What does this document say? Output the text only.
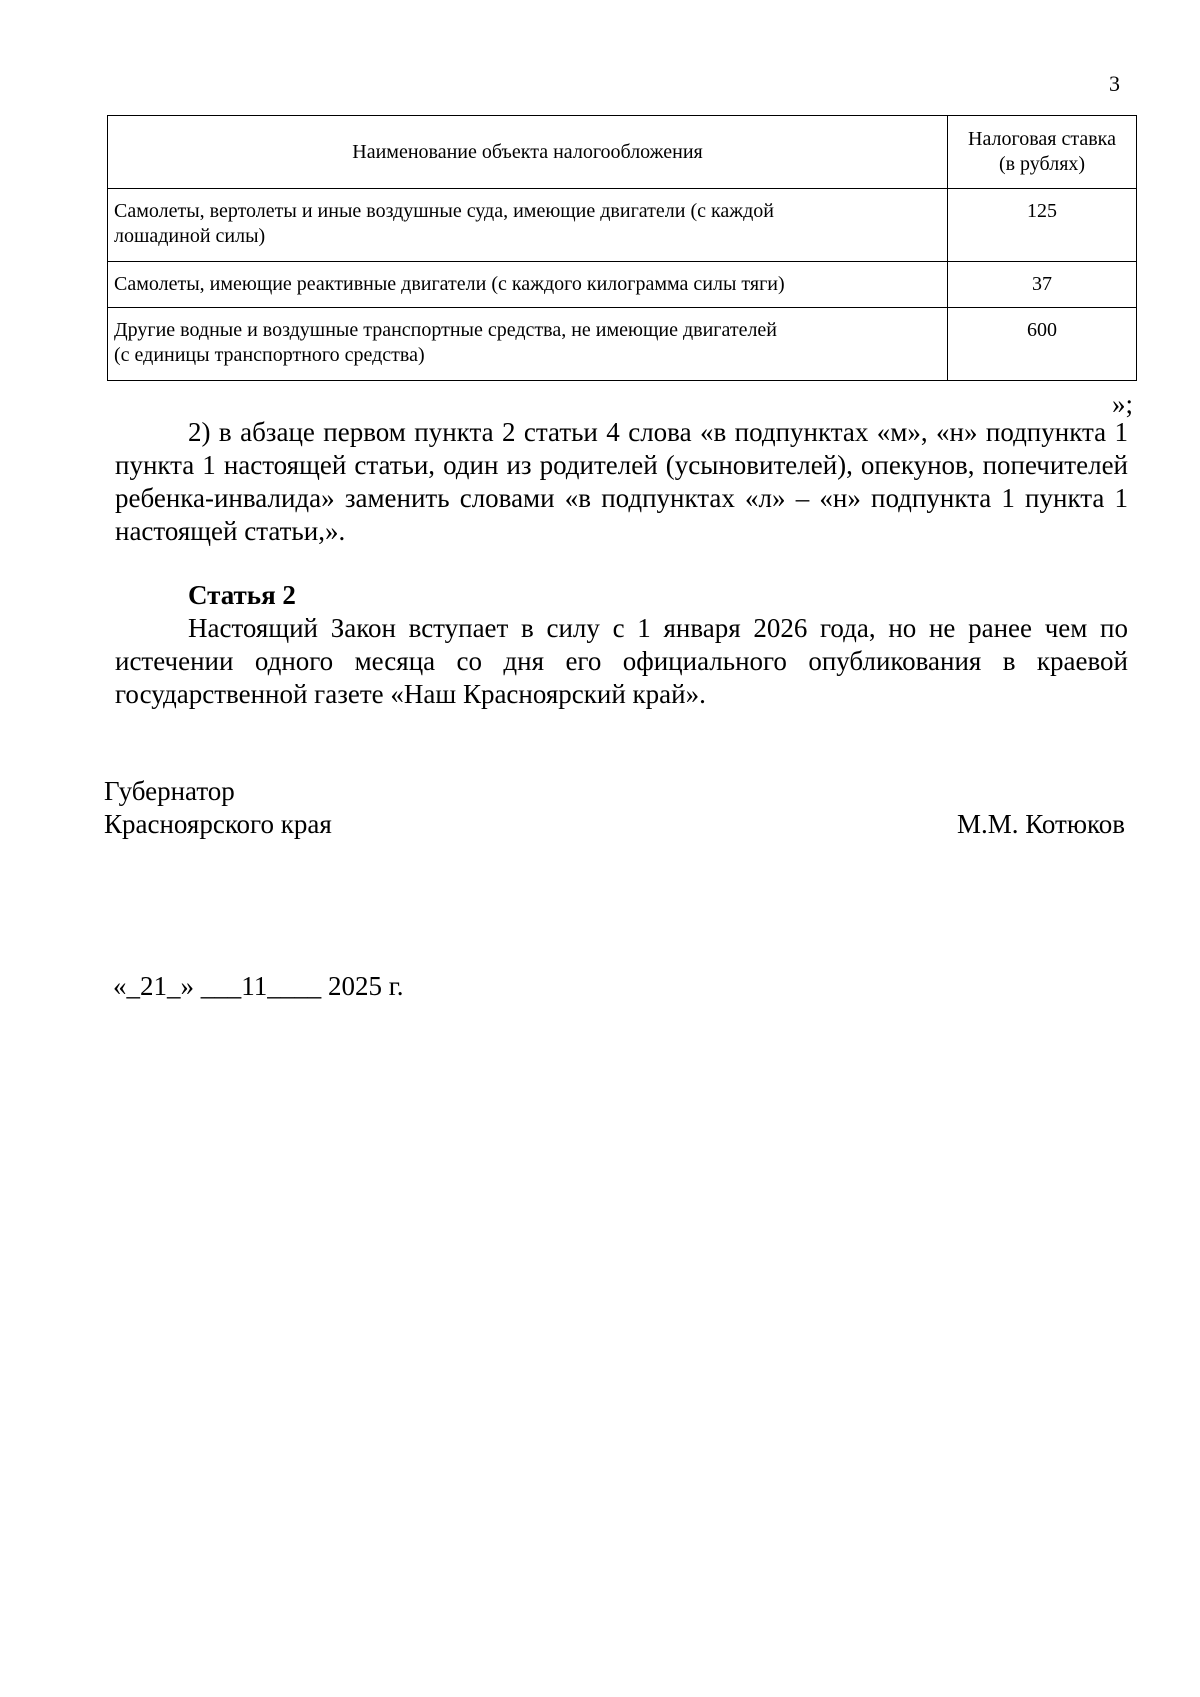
3
Наименование объекта налогообложения	Налоговая ставка
(в рублях)

Самолеты, вертолеты и иные воздушные суда, имеющие двигатели (с каждой
лошадиной силы)	125

Самолеты, имеющие реактивные двигатели (с каждого килограмма силы тяги)	37

Другие водные и воздушные транспортные средства, не имеющие двигателей
(с единицы транспортного средства)	600
»;

2) в абзаце первом пункта 2 статьи 4 слова «в подпунктах «м», «н» подпункта 1 пункта 1 настоящей статьи, один из родителей (усыновителей), опекунов, попечителей ребенка-инвалида» заменить словами «в подпунктах «л» – «н» подпункта 1 пункта 1 настоящей статьи,».

Статья 2

Настоящий Закон вступает в силу с 1 января 2026 года, но не ранее чем по истечении одного месяца со дня его официального опубликования в краевой государственной газете «Наш Красноярский край».

Губернатор
Красноярского края	М.М. Котюков
«_21_» ___11____ 2025 г.
